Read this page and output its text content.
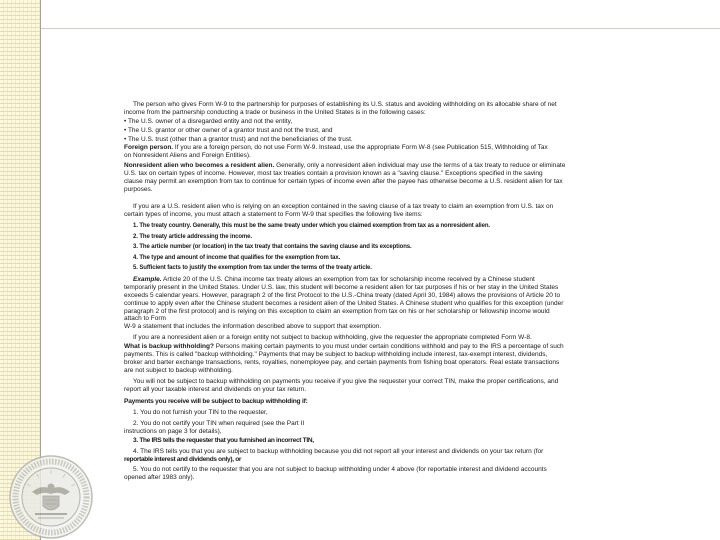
The person who gives Form W-9 to the partnership for purposes of establishing its U.S. status and avoiding withholding on its allocable share of net
income from the partnership conducting a trade or business in the United States is in the following cases:
• The U.S. owner of a disregarded entity and not the entity,
• The U.S. grantor or other owner of a grantor trust and not the trust, and
• The U.S. trust (other than a grantor trust) and not the beneficiaries of the trust.
Foreign person. If you are a foreign person, do not use Form W-9. Instead, use the appropriate Form W-8 (see Publication 515, Withholding of Tax
on Nonresident Aliens and Foreign Entities).
Nonresident alien who becomes a resident alien. Generally, only a nonresident alien individual may use the terms of a tax treaty to reduce or eliminate
U.S. tax on certain types of income. However, most tax treaties contain a provision known as a "saving clause." Exceptions specified in the saving
clause may permit an exemption from tax to continue for certain types of income even after the payee has otherwise become a U.S. resident alien for tax
purposes.
If you are a U.S. resident alien who is relying on an exception contained in the saving clause of a tax treaty to claim an exemption from U.S. tax on
certain types of income, you must attach a statement to Form W-9 that specifies the following five items:
1. The treaty country. Generally, this must be the same treaty under which you claimed exemption from tax as a nonresident alien.
2. The treaty article addressing the income.
3. The article number (or location) in the tax treaty that contains the saving clause and its exceptions.
4. The type and amount of income that qualifies for the exemption from tax.
5. Sufficient facts to justify the exemption from tax under the terms of the treaty article.
Example. Article 20 of the U.S. China income tax treaty allows an exemption from tax for scholarship income received by a Chinese student
temporarily present in the United States. Under U.S. law, this student will become a resident alien for tax purposes if his or her stay in the United States
exceeds 5 calendar years. However, paragraph 2 of the first Protocol to the U.S.-China treaty (dated April 30, 1984) allows the provisions of Article 20 to
continue to apply even after the Chinese student becomes a resident alien of the United States. A Chinese student who qualifies for this exception (under
paragraph 2 of the first protocol) and is relying on this exception to claim an exemption from tax on his or her scholarship or fellowship income would
attach to Form
W-9 a statement that includes the information described above to support that exemption.
If you are a nonresident alien or a foreign entity not subject to backup withholding, give the requester the appropriate completed Form W-8.
What is backup withholding? Persons making certain payments to you must under certain conditions withhold and pay to the IRS a percentage of such
payments. This is called "backup withholding." Payments that may be subject to backup withholding include interest, tax-exempt interest, dividends,
broker and barter exchange transactions, rents, royalties, nonemployee pay, and certain payments from fishing boat operators. Real estate transactions
are not subject to backup withholding.
You will not be subject to backup withholding on payments you receive if you give the requester your correct TIN, make the proper certifications, and
report all your taxable interest and dividends on your tax return.
Payments you receive will be subject to backup withholding if:
1. You do not furnish your TIN to the requester,
2. You do not certify your TIN when required (see the Part II
instructions on page 3 for details),
3. The IRS tells the requester that you furnished an incorrect TIN,
4. The IRS tells you that you are subject to backup withholding because you did not report all your interest and dividends on your tax return (for
reportable interest and dividends only), or
5. You do not certify to the requester that you are not subject to backup withholding under 4 above (for reportable interest and dividend accounts
opened after 1983 only).
